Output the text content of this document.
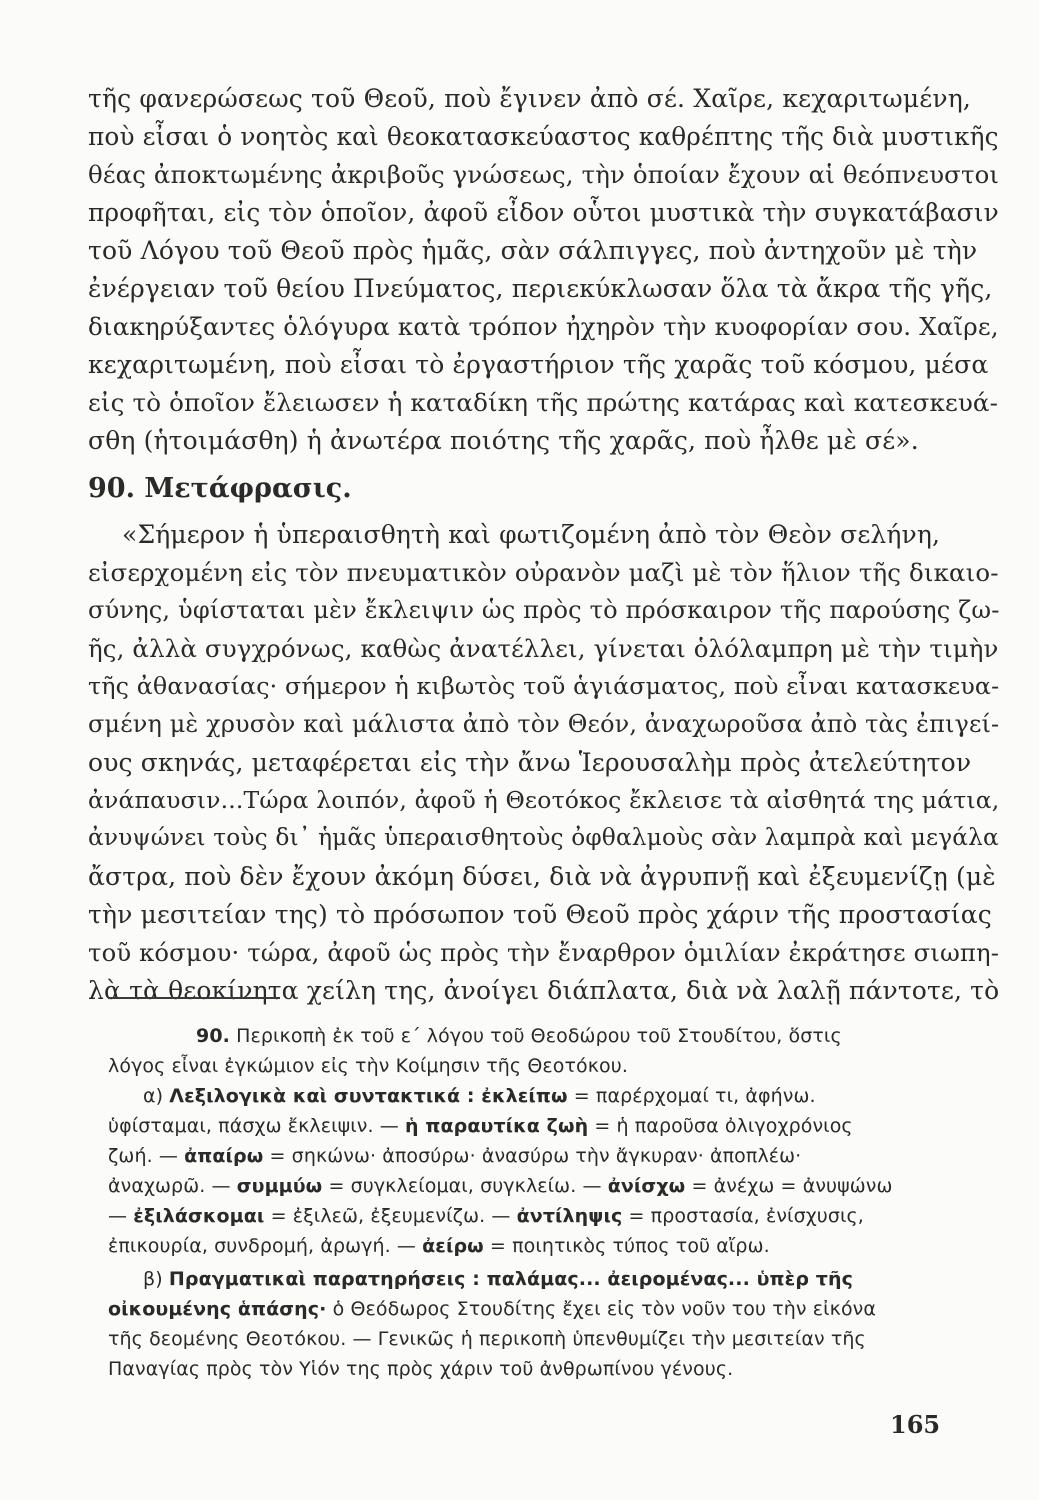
τῆς φανερώσεως τοῦ Θεοῦ, ποὺ ἔγινεν ἀπὸ σέ. Χαῖρε, κεχαριτωμένη,
ποὺ εἶσαι ὁ νοητὸς καὶ θεοκατασκεύαστος καθρέπτης τῆς διὰ μυστικῆς
θέας ἀποκτωμένης ἀκριβοῦς γνώσεως, τὴν ὁποίαν ἔχουν αἱ θεόπνευστοι
προφῆται, εἰς τὸν ὁποῖον, ἀφοῦ εἶδον οὗτοι μυστικὰ τὴν συγκατάβασιν
τοῦ Λόγου τοῦ Θεοῦ πρὸς ἡμᾶς, σὰν σάλπιγγες, ποὺ ἀντηχοῦν μὲ τὴν
ἐνέργειαν τοῦ θείου Πνεύματος, περιεκύκλωσαν ὅλα τὰ ἄκρα τῆς γῆς,
διακηρύξαντες ὁλόγυρα κατὰ τρόπον ἠχηρὸν τὴν κυοφορίαν σου. Χαῖρε,
κεχαριτωμένη, ποὺ εἶσαι τὸ ἐργαστήριον τῆς χαρᾶς τοῦ κόσμου, μέσα
εἰς τὸ ὁποῖον ἔλειωσεν ἡ καταδίκη τῆς πρώτης κατάρας καὶ κατεσκευά-
σθη (ἡτοιμάσθη) ἡ ἀνωτέρα ποιότης τῆς χαρᾶς, ποὺ ἦλθε μὲ σέ».
90. Μετάφρασις.
«Σήμερον ἡ ὑπεραισθητὴ καὶ φωτιζομένη ἀπὸ τὸν Θεὸν σελήνη,
εἰσερχομένη εἰς τὸν πνευματικὸν οὐρανὸν μαζὶ μὲ τὸν ἥλιον τῆς δικαιο-
σύνης, ὑφίσταται μὲν ἔκλειψιν ὡς πρὸς τὸ πρόσκαιρον τῆς παρούσης ζω-
ῆς, ἀλλὰ συγχρόνως, καθὼς ἀνατέλλει, γίνεται ὁλόλαμπρη μὲ τὴν τιμὴν
τῆς ἀθανασίας· σήμερον ἡ κιβωτὸς τοῦ ἁγιάσματος, ποὺ εἶναι κατασκευα-
σμένη μὲ χρυσὸν καὶ μάλιστα ἀπὸ τὸν Θεόν, ἀναχωροῦσα ἀπὸ τὰς ἐπιγεί-
ους σκηνάς, μεταφέρεται εἰς τὴν ἄνω Ἱερουσαλὴμ πρὸς ἀτελεύτητον
ἀνάπαυσιν...Τώρα λοιπόν, ἀφοῦ ἡ Θεοτόκος ἔκλεισε τὰ αἰσθητά της μάτια,
ἀνυψώνει τοὺς δι᾽ ἡμᾶς ὑπεραισθητοὺς ὀφθαλμοὺς σὰν λαμπρὰ καὶ μεγάλα
ἄστρα, ποὺ δὲν ἔχουν ἀκόμη δύσει, διὰ νὰ ἀγρυπνῇ καὶ ἐξευμενίζῃ (μὲ
τὴν μεσιτείαν της) τὸ πρόσωπον τοῦ Θεοῦ πρὸς χάριν τῆς προστασίας
τοῦ κόσμου· τώρα, ἀφοῦ ὡς πρὸς τὴν ἔναρθρον ὁμιλίαν ἐκράτησε σιωπη-
λὰ τὰ θεοκίνητα χείλη της, ἀνοίγει διάπλατα, διὰ νὰ λαλῇ πάντοτε, τὸ
90. Περικοπὴ ἐκ τοῦ ε΄ λόγου τοῦ Θεοδώρου τοῦ Στουδίτου, ὅστις
λόγος εἶναι ἐγκώμιον εἰς τὴν Κοίμησιν τῆς Θεοτόκου.
α) Λεξιλογικὰ καὶ συντακτικά : ἐκλείπω = παρέρχομαί τι, ἀφήνω.
ὑφίσταμαι, πάσχω ἔκλειψιν. — ἡ παραυτίκα ζωὴ = ἡ παροῦσα ὀλιγοχρόνιος
ζωή. — ἀπαίρω = σηκώνω· ἀποσύρω· ἀνασύρω τὴν ἄγκυραν· ἀποπλέω·
ἀναχωρῶ. — συμμύω = συγκλείομαι, συγκλείω. — ἀνίσχω = ἀνέχω = ἀνυψώνω
— ἐξιλάσκομαι = ἐξιλεῶ, ἐξευμενίζω. — ἀντίληψις = προστασία, ἐνίσχυσις,
ἐπικουρία, συνδρομή, ἀρωγή. — ἀείρω = ποιητικὸς τύπος τοῦ αἴρω.
β) Πραγματικαὶ παρατηρήσεις : παλάμας... ἀειρομένας... ὑπὲρ τῆς
οἰκουμένης ἁπάσης· ὁ Θεόδωρος Στουδίτης ἔχει εἰς τὸν νοῦν του τὴν εἰκόνα
τῆς δεομένης Θεοτόκου. — Γενικῶς ἡ περικοπὴ ὑπενθυμίζει τὴν μεσιτείαν τῆς
Παναγίας πρὸς τὸν Υἱόν της πρὸς χάριν τοῦ ἀνθρωπίνου γένους.
165
